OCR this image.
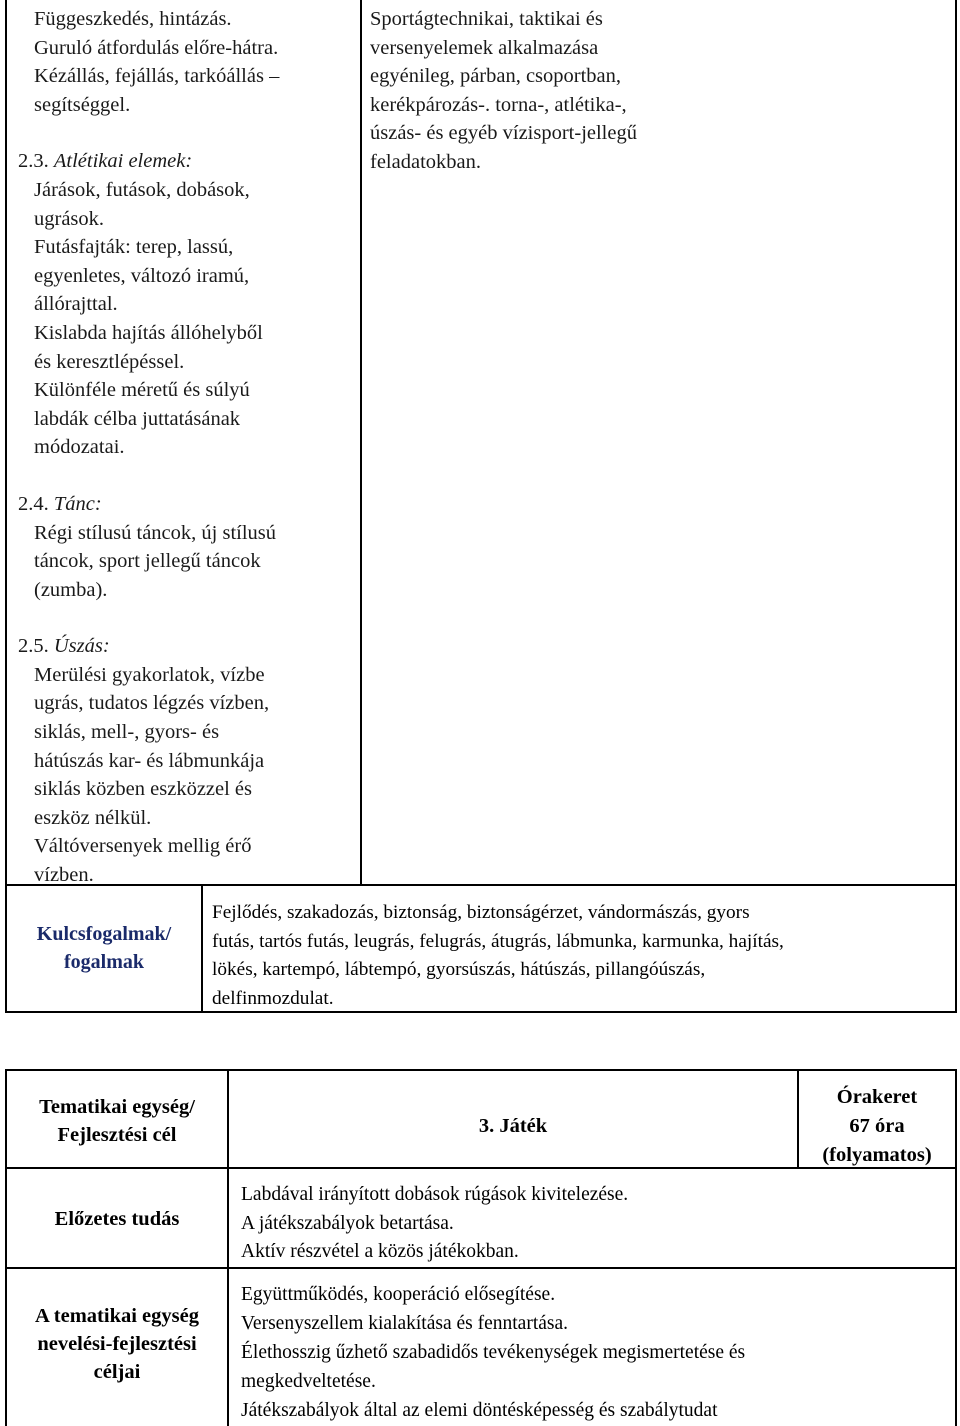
Függeszkedés, hintázás.
Guruló átfordulás előre-hátra.
Kézállás, fejállás, tarkóállás –
segítséggel.
2.3. Atlétikai elemek:
Járások, futások, dobások,
ugrások.
Futásfajták: terep, lassú,
egyenletes, változó iramú,
állórajttal.
Kislabda hajítás állóhelyből
és keresztlépéssel.
Különféle méretű és súlyú
labdák célba juttatásának
módozatai.
2.4. Tánc:
Régi stílusú táncok, új stílusú
táncok, sport jellegű táncok
(zumba).
2.5. Úszás:
Merülési gyakorlatok, vízbe
ugrás, tudatos légzés vízben,
siklás, mell-, gyors- és
hátúszás kar- és lábmunkája
siklás közben eszközzel és
eszköz nélkül.
Váltóversenyek mellig érő
vízben.
Sportágtechnikai, taktikai és
versenyelemek alkalmazása
egyénileg, párban, csoportban,
kerékpározás-. torna-, atlétika-,
úszás- és egyéb vízisport-jellegű
feladatokban.
Kulcsfogalmak/
fogalmak
Fejlődés, szakadozás, biztonság, biztonságérzet, vándormászás, gyors
futás, tartós futás, leugrás, felugrás, átugrás, lábmunka, karmunka, hajítás,
lökés, kartempó, lábtempó, gyorsúszás, hátúszás, pillangóúszás,
delfinmozdulat.
Tematikai egység/
Fejlesztési cél	3. Játék
Órakeret
67 óra
(folyamatos)
Előzetes tudás
Labdával irányított dobások rúgások kivitelezése.
A játékszabályok betartása.
Aktív részvétel a közös játékokban.
A tematikai egység
nevelési-fejlesztési
céljai
Együttműködés, kooperáció elősegítése.
Versenyszellem kialakítása és fenntartása.
Élethosszig űzhető szabadidős tevékenységek megismertetése és
megkedveltetése.
Játékszabályok által az elemi döntésképesség és szabálytudat
